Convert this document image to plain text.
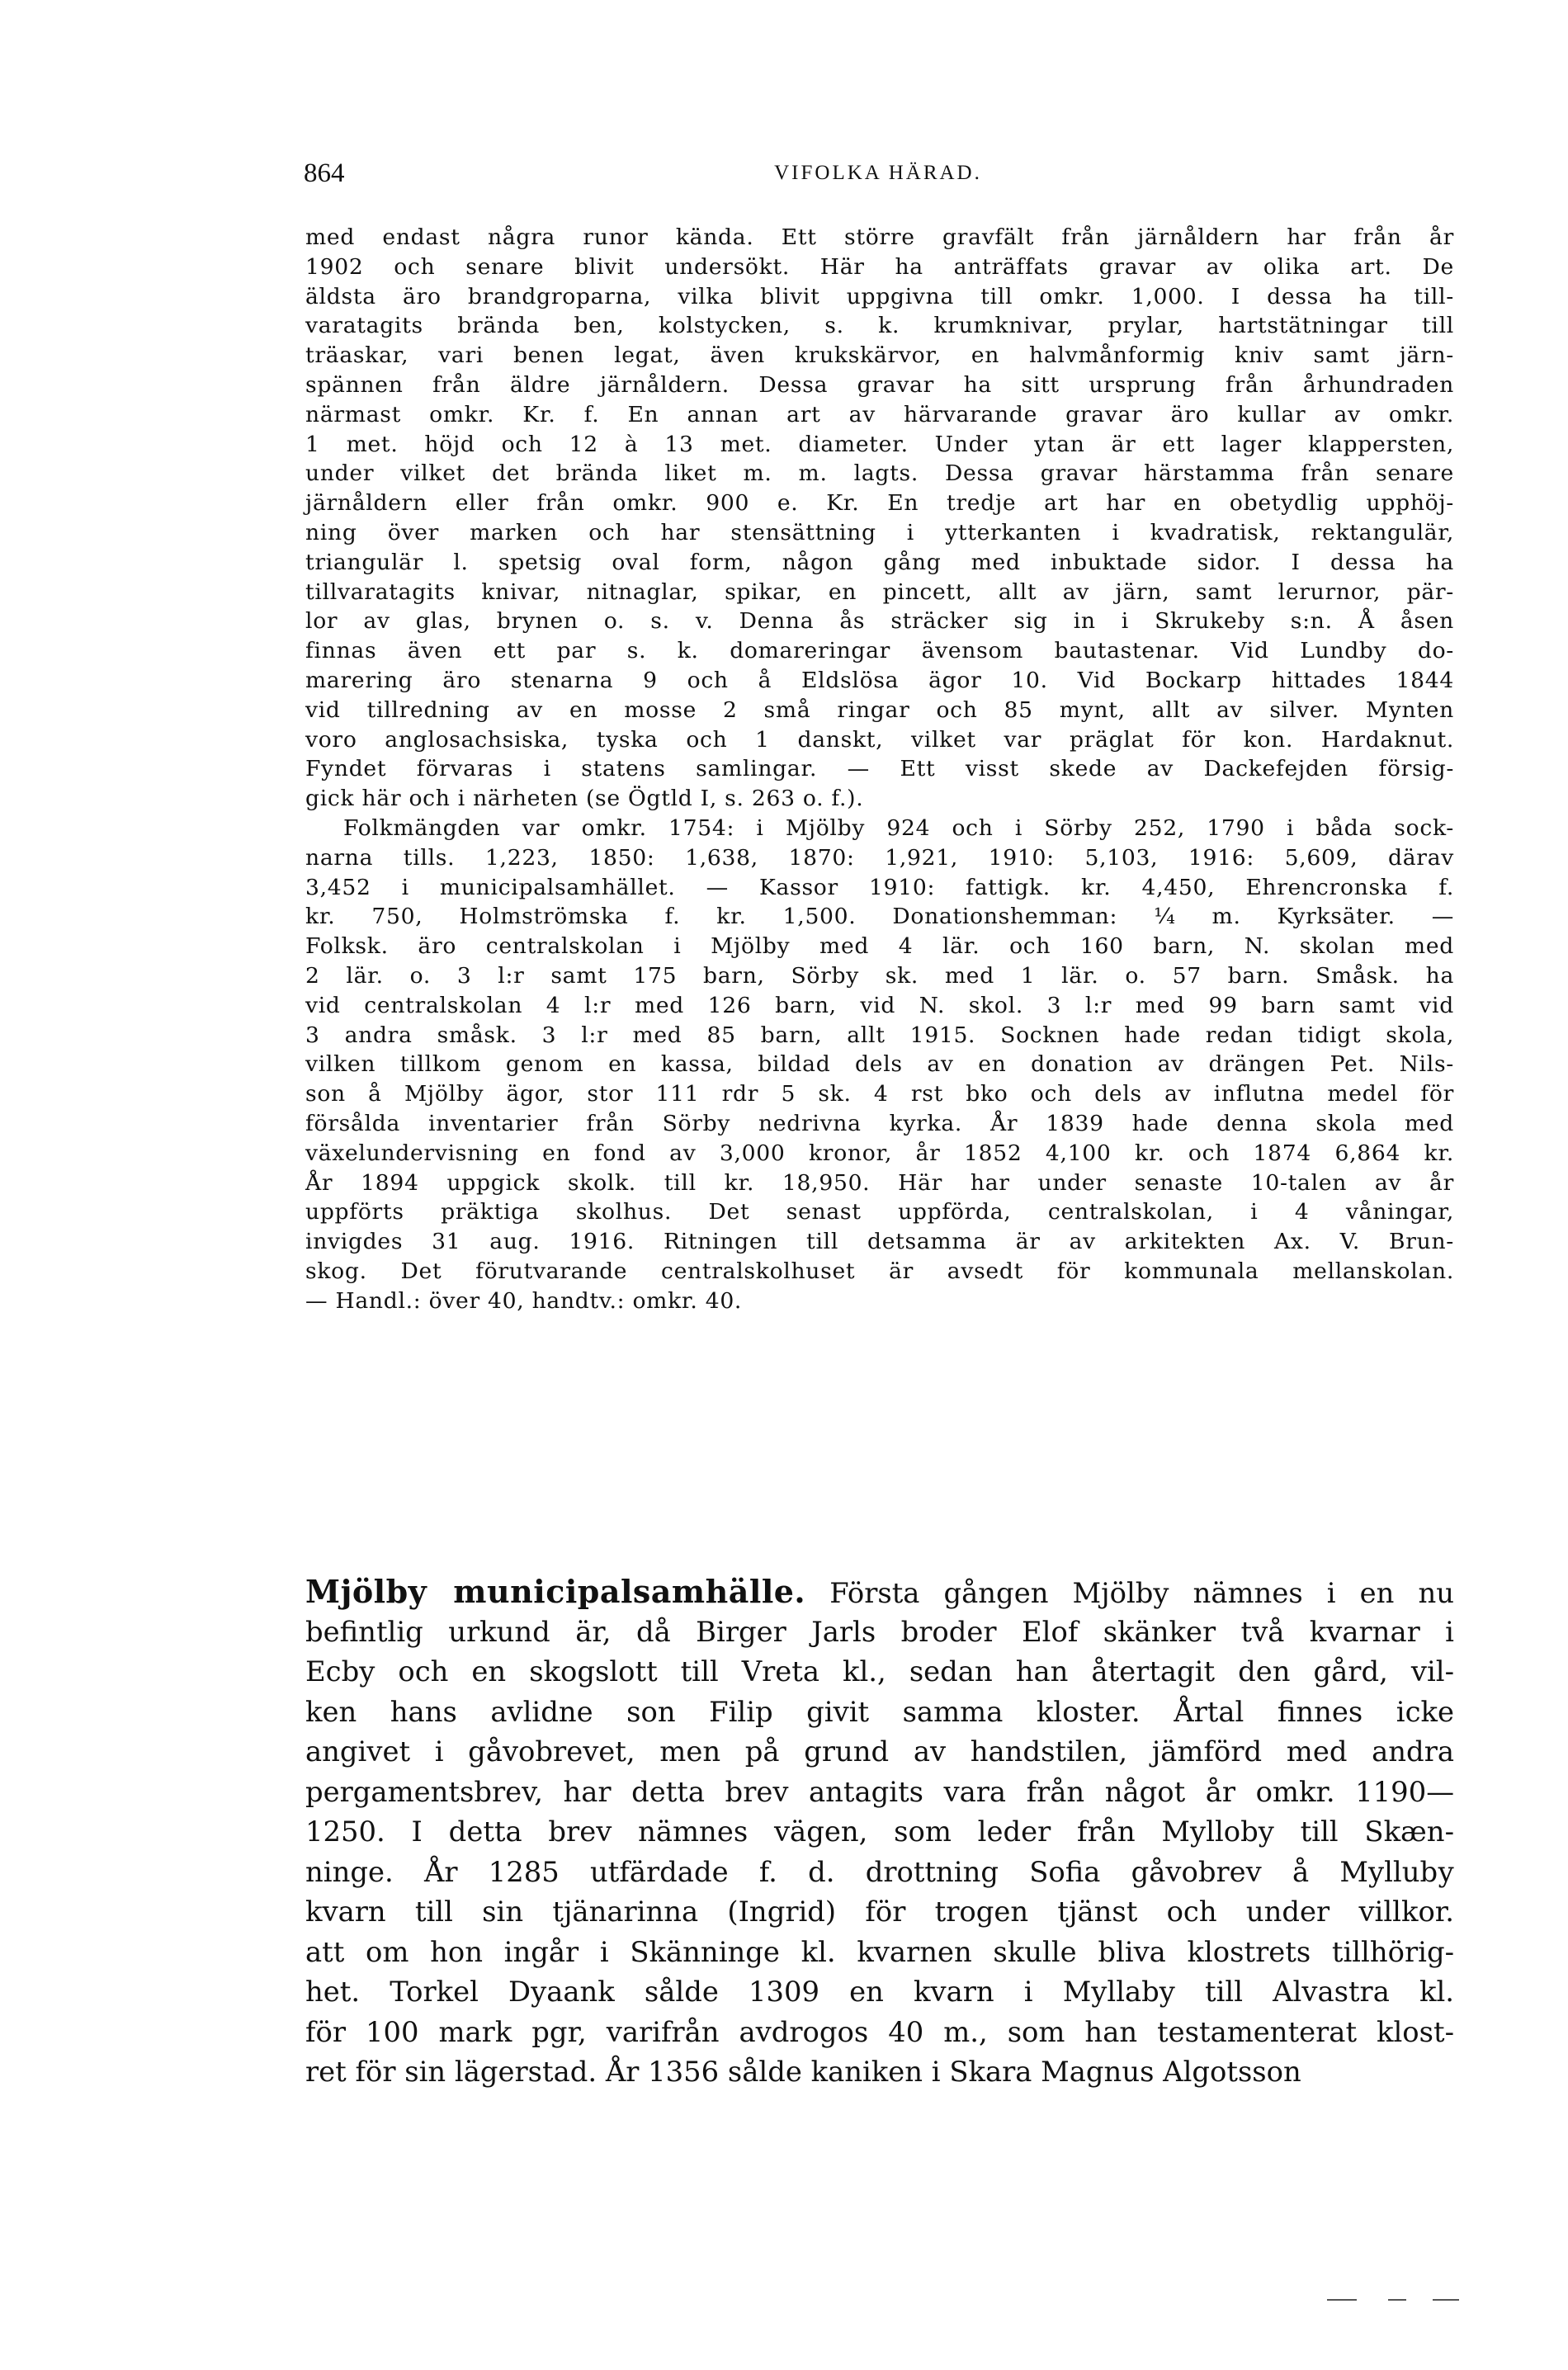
864	VIFOLKA HÄRAD.
med endast några runor kända. Ett större gravfält från järnåldern har från år
1902 och senare blivit undersökt. Här ha anträffats gravar av olika art. De
äldsta äro brandgroparna, vilka blivit uppgivna till omkr. 1,000. I dessa ha till-
varatagits brända ben, kolstycken, s. k. krumknivar, prylar, hartstätningar till
träaskar, vari benen legat, även krukskärvor, en halvmånformig kniv samt järn-
spännen från äldre järnåldern. Dessa gravar ha sitt ursprung från århundraden
närmast omkr. Kr. f. En annan art av härvarande gravar äro kullar av omkr.
1 met. höjd och 12 à 13 met. diameter. Under ytan är ett lager klappersten,
under vilket det brända liket m. m. lagts. Dessa gravar härstamma från senare
järnåldern eller från omkr. 900 e. Kr. En tredje art har en obetydlig upphöj-
ning över marken och har stensättning i ytterkanten i kvadratisk, rektangulär,
triangulär l. spetsig oval form, någon gång med inbuktade sidor. I dessa ha
tillvaratagits knivar, nitnaglar, spikar, en pincett, allt av järn, samt lerurnor, pär-
lor av glas, brynen o. s. v. Denna ås sträcker sig in i Skrukeby s:n. Å åsen
finnas även ett par s. k. domareringar ävensom bautastenar. Vid Lundby do-
marering äro stenarna 9 och å Eldslösa ägor 10. Vid Bockarp hittades 1844
vid tillredning av en mosse 2 små ringar och 85 mynt, allt av silver. Mynten
voro anglosachsiska, tyska och 1 danskt, vilket var präglat för kon. Hardaknut.
Fyndet förvaras i statens samlingar. — Ett visst skede av Dackefejden försig-
gick här och i närheten (se Ögtld I, s. 263 o. f.).
Folkmängden var omkr. 1754: i Mjölby 924 och i Sörby 252, 1790 i båda sock-
narna tills. 1,223, 1850: 1,638, 1870: 1,921, 1910: 5,103, 1916: 5,609, därav
3,452 i municipalsamhället. — Kassor 1910: fattigk. kr. 4,450, Ehrencronska f.
kr. 750, Holmströmska f. kr. 1,500. Donationshemman: ¼ m. Kyrksäter. —
Folksk. äro centralskolan i Mjölby med 4 lär. och 160 barn, N. skolan med
2 lär. o. 3 l:r samt 175 barn, Sörby sk. med 1 lär. o. 57 barn. Småsk. ha
vid centralskolan 4 l:r med 126 barn, vid N. skol. 3 l:r med 99 barn samt vid
3 andra småsk. 3 l:r med 85 barn, allt 1915. Socknen hade redan tidigt skola,
vilken tillkom genom en kassa, bildad dels av en donation av drängen Pet. Nils-
son å Mjölby ägor, stor 111 rdr 5 sk. 4 rst bko och dels av influtna medel för
försålda inventarier från Sörby nedrivna kyrka. År 1839 hade denna skola med
växelundervisning en fond av 3,000 kronor, år 1852 4,100 kr. och 1874 6,864 kr.
År 1894 uppgick skolk. till kr. 18,950. Här har under senaste 10-talen av år
uppförts präktiga skolhus. Det senast uppförda, centralskolan, i 4 våningar,
invigdes 31 aug. 1916. Ritningen till detsamma är av arkitekten Ax. V. Brun-
skog. Det förutvarande centralskolhuset är avsedt för kommunala mellanskolan.
— Handl.: över 40, handtv.: omkr. 40.
Mjölby municipalsamhälle. Första gången Mjölby nämnes i en nu
befintlig urkund är, då Birger Jarls broder Elof skänker två kvarnar i
Ecby och en skogslott till Vreta kl., sedan han återtagit den gård, vil-
ken hans avlidne son Filip givit samma kloster. Årtal finnes icke
angivet i gåvobrevet, men på grund av handstilen, jämförd med andra
pergamentsbrev, har detta brev antagits vara från något år omkr. 1190—
1250. I detta brev nämnes vägen, som leder från Mylloby till Skæn-
ninge. År 1285 utfärdade f. d. drottning Sofia gåvobrev å Myllubу
kvarn till sin tjänarinna (Ingrid) för trogen tjänst och under villkor.
att om hon ingår i Skänninge kl. kvarnen skulle bliva klostrets tillhörig-
het. Torkel Dyaank sålde 1309 en kvarn i Myllaby till Alvastra kl.
för 100 mark pgr, varifrån avdrogos 40 m., som han testamenterat klost-
ret för sin lägerstad. År 1356 sålde kaniken i Skara Magnus Algotsson
